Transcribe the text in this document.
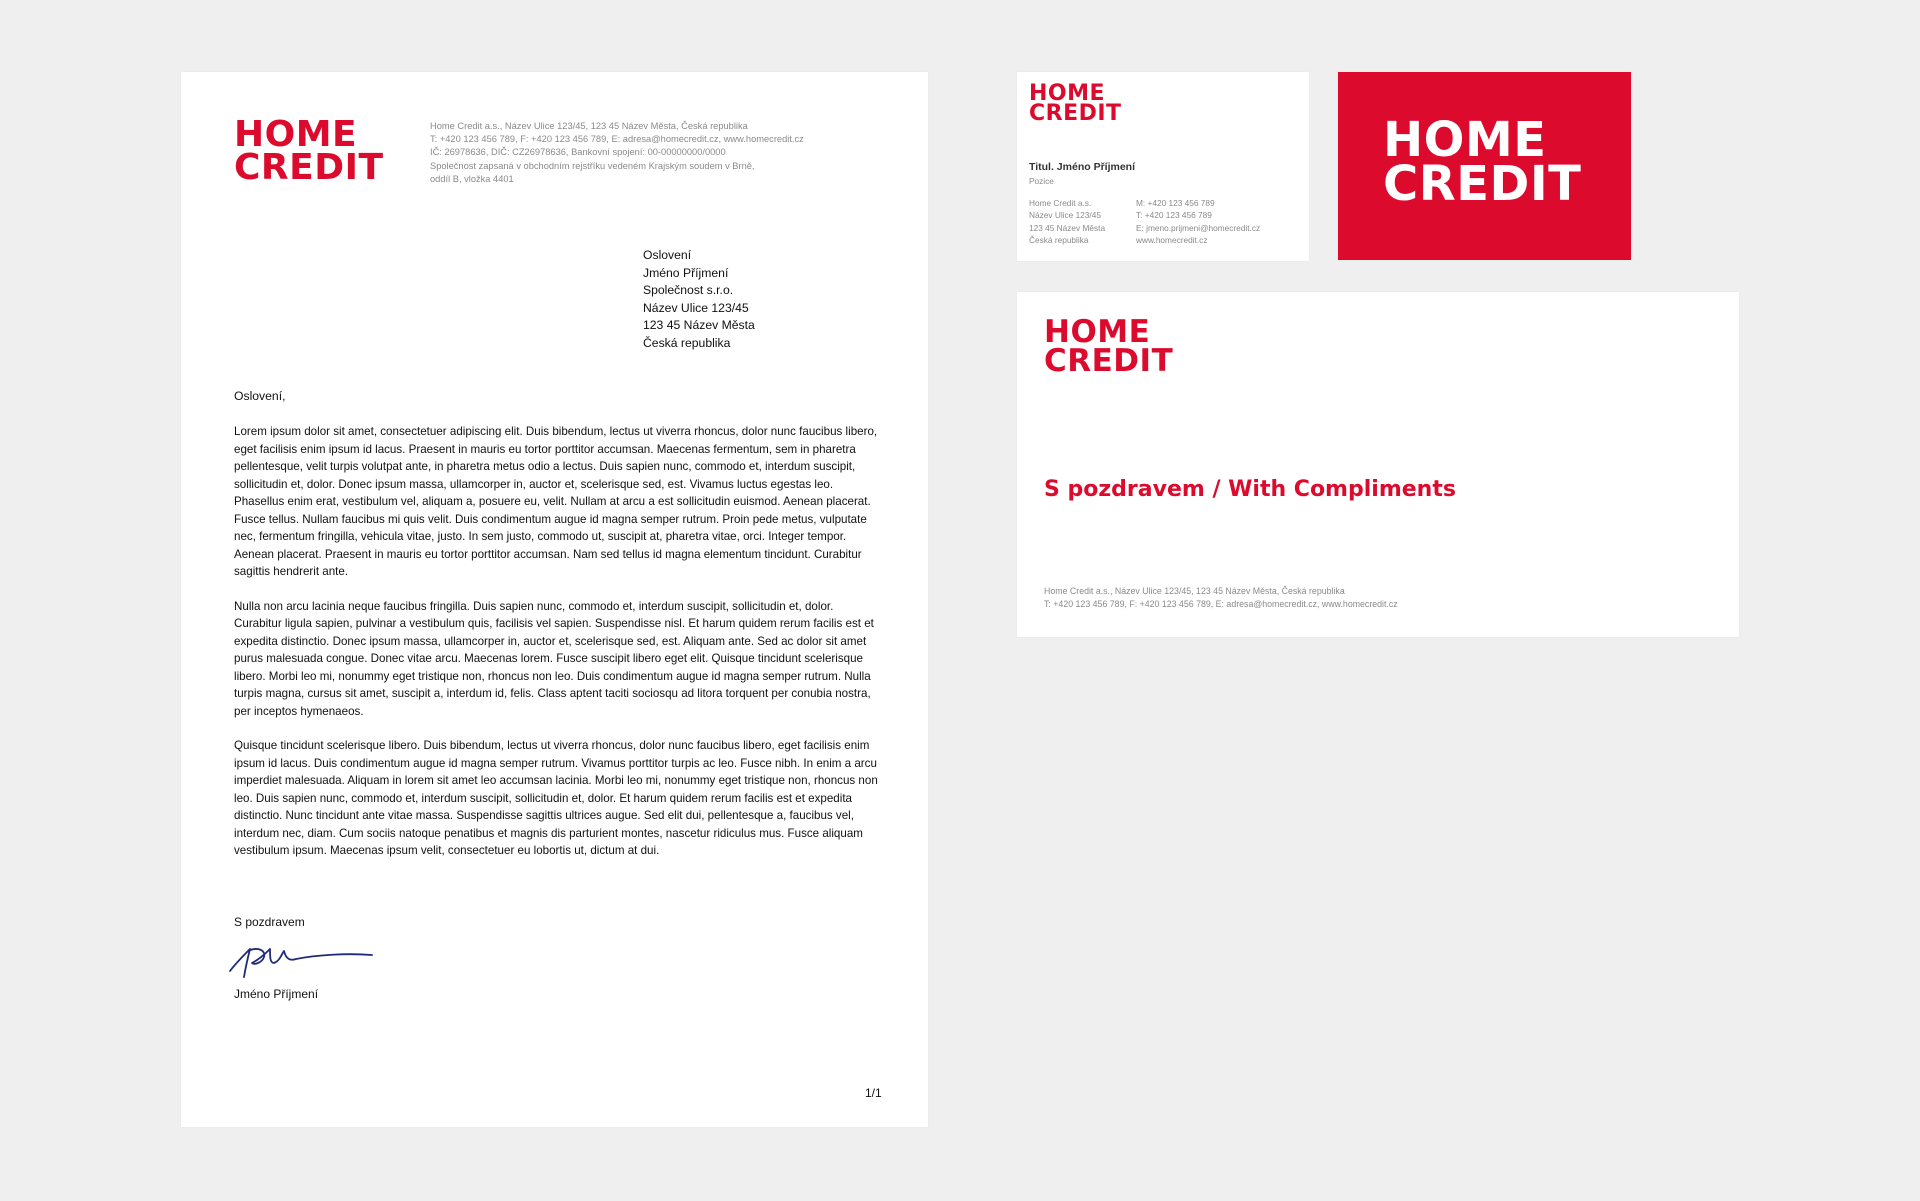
HOME
CREDIT
Home Credit a.s., Název Ulice 123/45, 123 45 Název Města, Česká republika
T: +420 123 456 789, F: +420 123 456 789, E: adresa@homecredit.cz, www.homecredit.cz
IČ: 26978636, DIČ: CZ26978636, Bankovní spojení: 00-00000000/0000
Společnost zapsaná v obchodním rejstříku vedeném Krajským soudem v Brně,
oddíl B, vložka 4401
Oslovení
Jméno Příjmení
Společnost s.r.o.
Název Ulice 123/45
123 45 Název Města
Česká republika
Oslovení,

Lorem ipsum dolor sit amet, consectetuer adipiscing elit. Duis bibendum, lectus ut viverra rhoncus, dolor nunc faucibus libero, eget facilisis enim ipsum id lacus. Praesent in mauris eu tortor porttitor accumsan. Maecenas fermentum, sem in pharetra pellentesque, velit turpis volutpat ante, in pharetra metus odio a lectus. Duis sapien nunc, commodo et, interdum suscipit, sollicitudin et, dolor. Donec ipsum massa, ullamcorper in, auctor et, scelerisque sed, est. Vivamus luctus egestas leo. Phasellus enim erat, vestibulum vel, aliquam a, posuere eu, velit. Nullam at arcu a est sollicitudin euismod. Aenean placerat. Fusce tellus. Nullam faucibus mi quis velit. Duis condimentum augue id magna semper rutrum. Proin pede metus, vulputate nec, fermentum fringilla, vehicula vitae, justo. In sem justo, commodo ut, suscipit at, pharetra vitae, orci. Integer tempor. Aenean placerat. Praesent in mauris eu tortor porttitor accumsan. Nam sed tellus id magna elementum tincidunt. Curabitur sagittis hendrerit ante.

Nulla non arcu lacinia neque faucibus fringilla. Duis sapien nunc, commodo et, interdum suscipit, sollicitudin et, dolor. Curabitur ligula sapien, pulvinar a vestibulum quis, facilisis vel sapien. Suspendisse nisl. Et harum quidem rerum facilis est et expedita distinctio. Donec ipsum massa, ullamcorper in, auctor et, scelerisque sed, est. Aliquam ante. Sed ac dolor sit amet purus malesuada congue. Donec vitae arcu. Maecenas lorem. Fusce suscipit libero eget elit. Quisque tincidunt scelerisque libero. Morbi leo mi, nonummy eget tristique non, rhoncus non leo. Duis condimentum augue id magna semper rutrum. Nulla turpis magna, cursus sit amet, suscipit a, interdum id, felis. Class aptent taciti sociosqu ad litora torquent per conubia nostra, per inceptos hymenaeos.

Quisque tincidunt scelerisque libero. Duis bibendum, lectus ut viverra rhoncus, dolor nunc faucibus libero, eget facilisis enim ipsum id lacus. Duis condimentum augue id magna semper rutrum. Vivamus porttitor turpis ac leo. Fusce nibh. In enim a arcu imperdiet malesuada. Aliquam in lorem sit amet leo accumsan lacinia. Morbi leo mi, nonummy eget tristique non, rhoncus non leo. Duis sapien nunc, commodo et, interdum suscipit, sollicitudin et, dolor. Et harum quidem rerum facilis est et expedita distinctio. Nunc tincidunt ante vitae massa. Suspendisse sagittis ultrices augue. Sed elit dui, pellentesque a, faucibus vel, interdum nec, diam. Cum sociis natoque penatibus et magnis dis parturient montes, nascetur ridiculus mus. Fusce aliquam vestibulum ipsum. Maecenas ipsum velit, consectetuer eu lobortis ut, dictum at dui.

S pozdravem
Jméno Příjmení
1/1
HOME
CREDIT
Titul. Jméno Příjmení
Pozice
Home Credit a.s.
Název Ulice 123/45
123 45 Název Města
Česká republika
M: +420 123 456 789
T: +420 123 456 789
E: jmeno.prijmeni@homecredit.cz
www.homecredit.cz
HOME
CREDIT
HOME
CREDIT
S pozdravem / With Compliments
Home Credit a.s., Název Ulice 123/45, 123 45 Název Města, Česká republika
T: +420 123 456 789, F: +420 123 456 789, E: adresa@homecredit.cz, www.homecredit.cz
